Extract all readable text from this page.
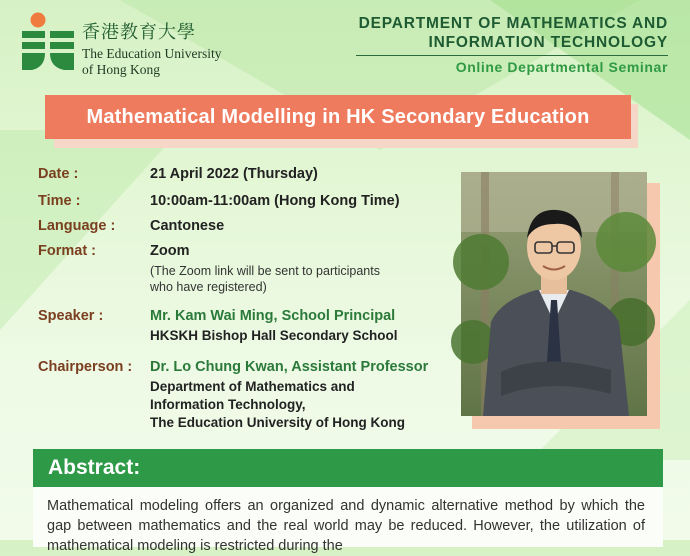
香港教育大學
The Education University
of Hong Kong
DEPARTMENT OF MATHEMATICS AND
INFORMATION TECHNOLOGY
Online Departmental Seminar
Mathematical Modelling in HK Secondary Education
Date :	21 April 2022 (Thursday)
Time :	10:00am-11:00am (Hong Kong Time)
Language : Cantonese
Format :	Zoom
(The Zoom link will be sent to participants
who have registered)
Speaker :	Mr. Kam Wai Ming, School Principal
HKSKH Bishop Hall Secondary School
Chairperson : Dr. Lo Chung Kwan, Assistant Professor
Department of Mathematics and
Information Technology,
The Education University of Hong Kong
Abstract:
Mathematical modeling offers an organized and dynamic alternative method by which the gap between mathematics and the real world may be reduced. However, the utilization of mathematical modeling is restricted during the
